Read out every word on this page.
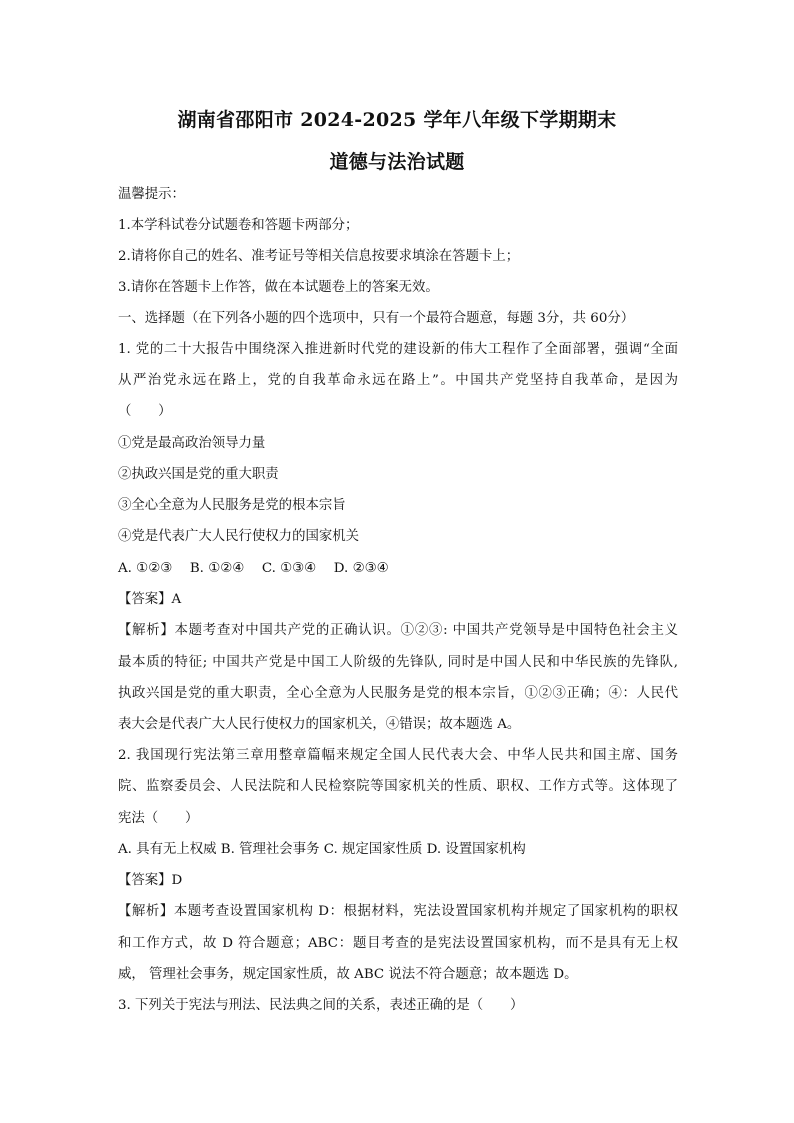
湖南省邵阳市 2024-2025 学年八年级下学期期末
道德与法治试题
温馨提示：
1.本学科试卷分试题卷和答题卡两部分；
2.请将你自己的姓名、准考证号等相关信息按要求填涂在答题卡上；
3.请你在答题卡上作答，做在本试题卷上的答案无效。
一、选择题（在下列各小题的四个选项中，只有一个最符合题意，每题 3分，共 60分）
1. 党的二十大报告中围绕深入推进新时代党的建设新的伟大工程作了全面部署，强调“全面
从严治党永远在路上，党的自我革命永远在路上”。中国共产党坚持自我革命，是因为
（　　）
①党是最高政治领导力量
②执政兴国是党的重大职责
③全心全意为人民服务是党的根本宗旨
④党是代表广大人民行使权力的国家机关
A. ①②③　 B. ①②④　 C. ①③④　 D. ②③④
【答案】A
【解析】本题考查对中国共产党的正确认识。①②③: 中国共产党领导是中国特色社会主义
最本质的特征; 中国共产党是中国工人阶级的先锋队, 同时是中国人民和中华民族的先锋队,
执政兴国是党的重大职责，全心全意为人民服务是党的根本宗旨，①②③正确；④：人民代
表大会是代表广大人民行使权力的国家机关，④错误；故本题选 A。
2. 我国现行宪法第三章用整章篇幅来规定全国人民代表大会、中华人民共和国主席、国务
院、监察委员会、人民法院和人民检察院等国家机关的性质、职权、工作方式等。这体现了
宪法（　　）
A. 具有无上权威 B. 管理社会事务 C. 规定国家性质 D. 设置国家机构
【答案】D
【解析】本题考查设置国家机构 D：根据材料，宪法设置国家机构并规定了国家机构的职权
和工作方式，故 D 符合题意；ABC：题目考查的是宪法设置国家机构，而不是具有无上权
威， 管理社会事务，规定国家性质，故 ABC 说法不符合题意；故本题选 D。
3. 下列关于宪法与刑法、民法典之间的关系，表述正确的是（　　）
